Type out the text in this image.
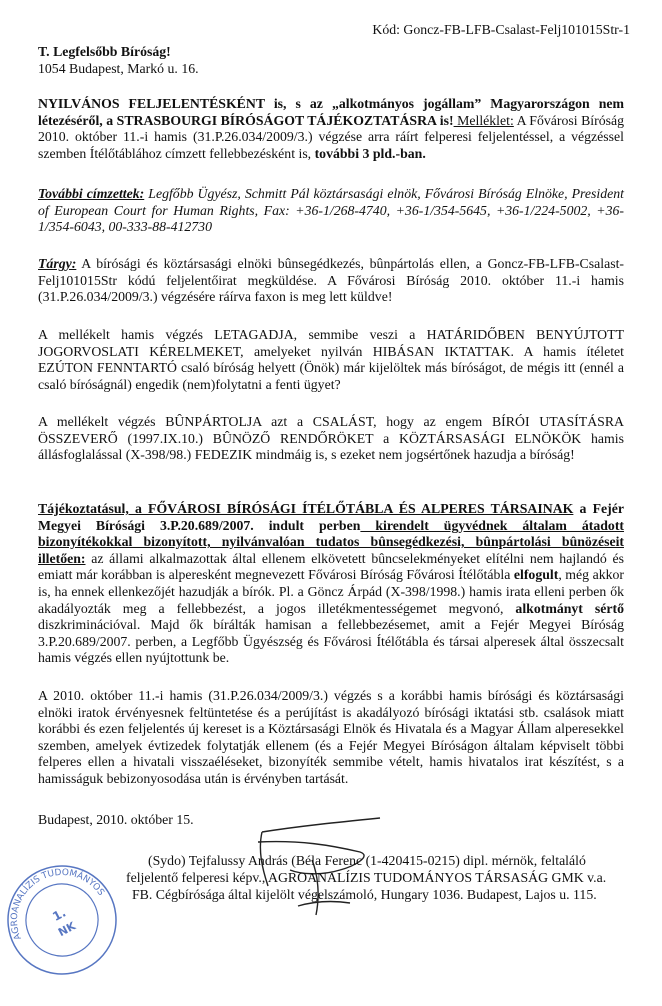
Kód: Goncz-FB-LFB-Csalast-Felj101015Str-1
T. Legfelsőbb Bíróság!
1054 Budapest, Markó u. 16.
NYILVÁNOS FELJELENTÉSKÉNT is, s az „alkotmányos jogállam” Magyarországon nem létezéséről, a STRASBOURGI BÍRÓSÁGOT TÁJÉKOZTATÁSRA is! Melléklet: A Fővárosi Bíróság 2010. október 11.-i hamis (31.P.26.034/2009/3.) végzése arra ráírt felperesi feljelentéssel, a végzéssel szemben Ítélőtáblához címzett fellebbezésként is, további 3 pld.-ban.
További címzettek: Legfőbb Ügyész, Schmitt Pál köztársasági elnök, Fővárosi Bíróság Elnöke, President of European Court for Human Rights, Fax: +36-1/268-4740, +36-1/354-5645, +36-1/224-5002, +36-1/354-6043, 00-333-88-412730
Tárgy: A bírósági és köztársasági elnöki bûnsegédkezés, bûnpártolás ellen, a Goncz-FB-LFB-Csalast-Felj101015Str kódú feljelentőirat megküldése. A Fővárosi Bíróság 2010. október 11.-i hamis (31.P.26.034/2009/3.) végzésére ráírva faxon is meg lett küldve!
A mellékelt hamis végzés LETAGADJA, semmibe veszi a HATÁRIDŐBEN BENYÚJTOTT JOGORVOSLATI KÉRELMEKET, amelyeket nyilván HIBÁSAN IKTATTAK. A hamis ítéletet EZÚTON FENNTARTÓ csaló bíróság helyett (Önök) már kijelöltek más bíróságot, de mégis itt (ennél a csaló bíróságnál) engedik (nem)folytatni a fenti ügyet?
A mellékelt végzés BÛNPÁRTOLJA azt a CSALÁST, hogy az engem BÍRÓI UTASÍTÁSRA ÖSSZEVERŐ (1997.IX.10.) BÛNÖZŐ RENDŐRÖKET a KÖZTÁRSASÁGI ELNÖKÖK hamis állásfoglalással (X-398/98.) FEDEZIK mindmáig is, s ezeket nem jogsértőnek hazudja a bíróság!
Tájékoztatásul, a FŐVÁROSI BÍRÓSÁGI ÍTÉLŐTÁBLA ÉS ALPERES TÁRSAINAK a Fejér Megyei Bírósági 3.P.20.689/2007. indult perben kirendelt ügyvédnek általam átadott bizonyítékokkal bizonyított, nyilvánvalóan tudatos bûnsegédkezési, bûnpártolási bûnözéseit illetően: az állami alkalmazottak által ellenem elkövetett bûncselekményeket elítélni nem hajlandó és emiatt már korábban is alperesként megnevezett Fővárosi Bíróság Fővárosi Ítélőtábla elfogult, még akkor is, ha ennek ellenkezőjét hazudják a bírók. Pl. a Göncz Árpád (X-398/1998.) hamis irata elleni perben ők akadályozták meg a fellebbezést, a jogos illetékmentességemet megvonó, alkotmányt sértő diszkriminációval. Majd ők bírálták hamisan a fellebbezésemet, amit a Fejér Megyei Bíróság 3.P.20.689/2007. perben, a Legfőbb Ügyészség és Fővárosi Ítélőtábla és társai alperesek által összecsalt hamis végzés ellen nyújtottunk be.
A 2010. október 11.-i hamis (31.P.26.034/2009/3.) végzés s a korábbi hamis bírósági és köztársasági elnöki iratok érvényesnek feltüntetése és a perújítást is akadályozó bírósági iktatási stb. csalások miatt korábbi és ezen feljelentés új kereset is a Köztársasági Elnök és Hivatala és a Magyar Állam alperesekkel szemben, amelyek évtizedek folytatják ellenem (és a Fejér Megyei Bíróságon általam képviselt többi felperes ellen a hivatali visszaéléseket, bizonyíték semmibe vételt, hamis hivatalos irat készítést, s a hamisságuk bebizonyosodása után is érvényben tartását.
Budapest, 2010. október 15.
(Sydo) Tejfalussy András (Béla Ferenc (1-420415-0215) dipl. mérnök, feltaláló
feljelentő felperesi képv., AGROANALÍZIS TUDOMÁNYOS TÁRSASÁG GMK v.a.
FB. Cégbírósága által kijelölt végelszámoló, Hungary 1036. Budapest, Lajos u. 115.
AGROANALÍZIS TUDOMÁNYOS
1.
NK
